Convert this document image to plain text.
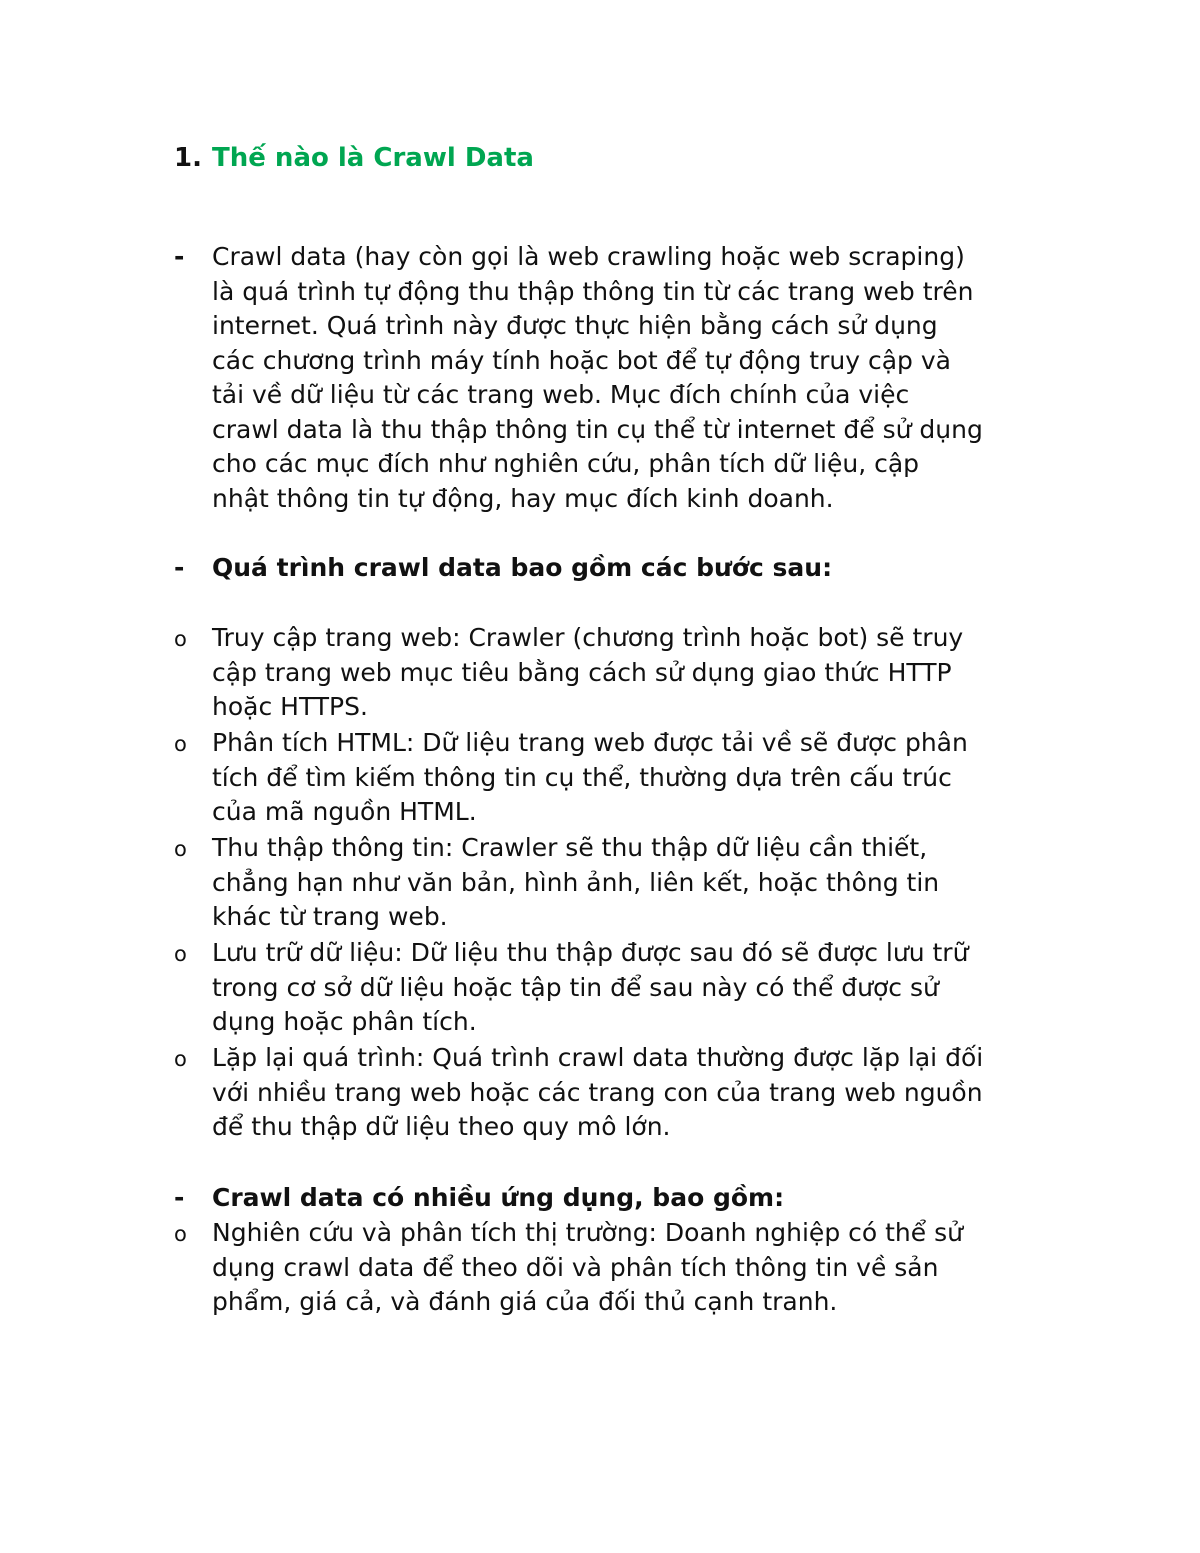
1. Thế nào là Crawl Data
-	Crawl data (hay còn gọi là web crawling hoặc web scraping)
là quá trình tự động thu thập thông tin từ các trang web trên
internet. Quá trình này được thực hiện bằng cách sử dụng
các chương trình máy tính hoặc bot để tự động truy cập và
tải về dữ liệu từ các trang web. Mục đích chính của việc
crawl data là thu thập thông tin cụ thể từ internet để sử dụng
cho các mục đích như nghiên cứu, phân tích dữ liệu, cập
nhật thông tin tự động, hay mục đích kinh doanh.
-	Quá trình crawl data bao gồm các bước sau:
o	Truy cập trang web: Crawler (chương trình hoặc bot) sẽ truy
cập trang web mục tiêu bằng cách sử dụng giao thức HTTP
hoặc HTTPS.
o	Phân tích HTML: Dữ liệu trang web được tải về sẽ được phân
tích để tìm kiếm thông tin cụ thể, thường dựa trên cấu trúc
của mã nguồn HTML.
o	Thu thập thông tin: Crawler sẽ thu thập dữ liệu cần thiết,
chẳng hạn như văn bản, hình ảnh, liên kết, hoặc thông tin
khác từ trang web.
o	Lưu trữ dữ liệu: Dữ liệu thu thập được sau đó sẽ được lưu trữ
trong cơ sở dữ liệu hoặc tập tin để sau này có thể được sử
dụng hoặc phân tích.
o	Lặp lại quá trình: Quá trình crawl data thường được lặp lại đối
với nhiều trang web hoặc các trang con của trang web nguồn
để thu thập dữ liệu theo quy mô lớn.
-	Crawl data có nhiều ứng dụng, bao gồm:
o	Nghiên cứu và phân tích thị trường: Doanh nghiệp có thể sử
dụng crawl data để theo dõi và phân tích thông tin về sản
phẩm, giá cả, và đánh giá của đối thủ cạnh tranh.
